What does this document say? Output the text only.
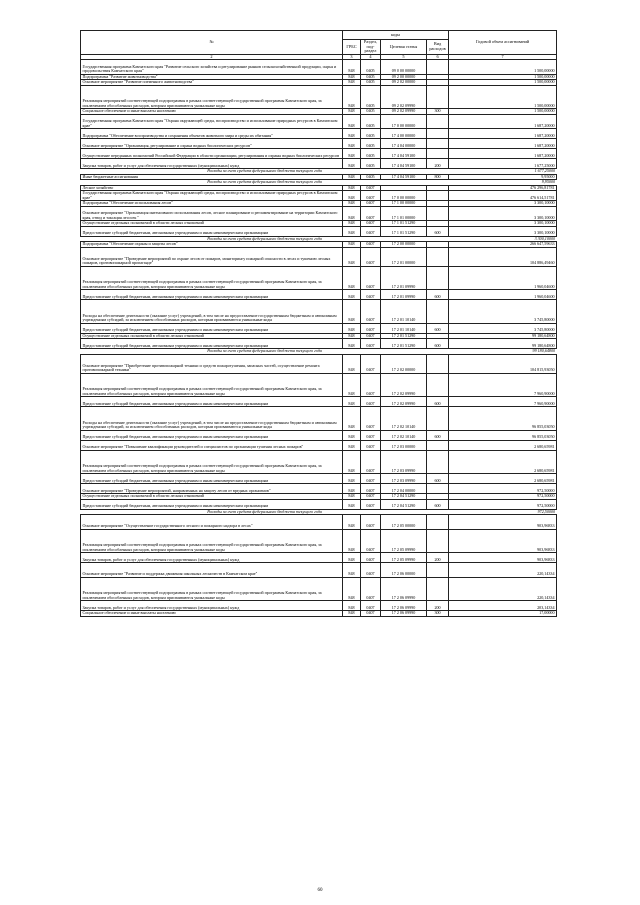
№	коды				Годовой объем ассигнований
	ГРБС	Раздел, под-раздел	Целевая статья	Вид расходов	
2	3	4	5	6	7
Государственная программа Камчатского края "Развитие сельского хозяйства и регулирование рынков сельскохозяйственной продукции, сырья и продовольствия Камчатского края"	848	0405	09 0 00 00000		1 500,00000
Подпрограмма "Развитие животноводства"	848	0405	09 2 00 00000		1 500,00000
Основное мероприятие "Развитие племенного животноводства"	848	0405	09 2 02 00000		1 500,00000
Реализация мероприятий соответствующей подпрограммы в рамках соответствующей государственной программы Камчатского края, за исключением обособленных расходов, которым присваиваются уникальные коды	848	0405	09 2 02 09990		1 500,00000
Социальное обеспечение и иные выплаты населению	848	0405	09 2 02 09990	300	1 500,00000
Государственная программа Камчатского края "Охрана окружающей среды, воспроизводство и использование природных ресурсов в Камчатском крае"	848	0405	17 0 00 00000		1 687,20000
Подпрограмма "Обеспечение воспроизводства и сохранения объектов животного мира и среды их обитания"	848	0405	17 4 00 00000		1 687,20000
Основное мероприятие "Организация, регулирование и охрана водных биологических ресурсов"	848	0405	17 4 04 00000		1 687,20000
Осуществление переданных полномочий Российской Федерации в области организации, регулирования и охраны водных биологических ресурсов	848	0405	17 4 04 59100		1 687,20000
Закупка товаров, работ и услуг для обеспечения государственных (муниципальных) нужд	848	0405	17 4 04 59100	200	1 677,25000
Расходы за счет средств федерального бюджета текущего года					1 677,25000
Иные бюджетные ассигнования	848	0405	17 4 04 59100	800	9,95000
Расходы за счет средств федерального бюджета текущего года					9,95000
Лесное хозяйство	848	0407			476 296,81781
Государственная программа Камчатского края "Охрана окружающей среды, воспроизводство и использование природных ресурсов в Камчатском крае"	848	0407	17 0 00 00000		476 614,51781
Подпрограмма "Обеспечение использования лесов"	848	0407	17 1 00 00000		3 300,10000
Основное мероприятие "Организация интенсивного использования лесов, лесное планирование и регламентирование на территории Камчатского края, отвод и таксация лесосек "	848	0407	17 1 01 00000		3 300,10000
Осуществление отдельных полномочий в области лесных отношений	848	0407	17 1 01 51290		3 300,10000
Предоставление субсидий бюджетным, автономным учреждениям и иным некоммерческим организациям	848	0407	17 1 01 51290	600	3 300,10000
Расходы за счет средств федерального бюджета текущего года					3 300,10000
Подпрограмма "Обеспечение охраны и защиты лесов"	848	0407	17 2 00 00000		266 647,59633
Основное мероприятие "Проведение мероприятий по охране лесов от пожаров, мониторингу пожарной опасности в лесах и тушению лесных пожаров, противопожарной пропаганде"	848	0407	17 2 01 00000		104 886,49460
Реализация мероприятий соответствующей подпрограммы в рамках соответствующей государственной программы Камчатского края, за исключением обособленных расходов, которым присваиваются уникальные коды	848	0407	17 2 01 09990		1 960,04600
Предоставление субсидий бюджетным, автономным учреждениям и иным некоммерческим организациям	848	0407	17 2 01 09990	600	1 960,04600
Расходы на обеспечение деятельности (оказание услуг) учреждений, в том числе на предоставление государственным бюджетным и автономным учреждениям субсидий, за исключением обособленных расходов, которым присваиваются уникальные коды	848	0407	17 2 01 10140		3 745,80000
Предоставление субсидий бюджетным, автономным учреждениям и иным некоммерческим организациям	848	0407	17 2 01 10140	600	3 745,80000
Осуществление отдельных полномочий в области лесных отношений	848	0407	17 2 01 51290		99 180,64800
Предоставление субсидий бюджетным, автономным учреждениям и иным некоммерческим организациям	848	0407	17 2 01 51290	600	99 180,64800
Расходы за счет средств федерального бюджета текущего года					99 180,64800
Основное мероприятие "Приобретение противопожарной техники и средств пожаротушения, запасных частей, осуществление ремонта противопожарной техники"	848	0407	17 2 02 00000		104 815,93050
Реализация мероприятий соответствующей подпрограммы в рамках соответствующей государственной программы Камчатского края, за исключением обособленных расходов, которым присваиваются уникальные коды	848	0407	17 2 02 09990		7 960,90000
Предоставление субсидий бюджетным, автономным учреждениям и иным некоммерческим организациям	848	0407	17 2 02 09990	600	7 960,90000
Расходы на обеспечение деятельности (оказание услуг) учреждений, в том числе на предоставление государственным бюджетным и автономным учреждениям субсидий, за исключением обособленных расходов, которым присваиваются уникальные коды	848	0407	17 2 02 10140		96 855,03050
Предоставление субсидий бюджетным, автономным учреждениям и иным некоммерческим организациям	848	0407	17 2 02 10140	600	96 855,03050
Основное мероприятие "Повышение квалификации руководителей и специалистов по организации тушения лесных пожаров"	848	0407	17 2 03 00000		2 680,65981
Реализация мероприятий соответствующей подпрограммы в рамках соответствующей государственной программы Камчатского края, за исключением обособленных расходов, которым присваиваются уникальные коды	848	0407	17 2 03 09990		2 680,65981
Предоставление субсидий бюджетным, автономным учреждениям и иным некоммерческим организациям	848	0407	17 2 03 09990	600	2 680,65981
Основное мероприятие "Проведение мероприятий, направленных на защиту лесов от вредных организмов"	848	0407	17 2 04 00000		972,50000
Осуществление отдельных полномочий в области лесных отношений	848	0407	17 2 04 51290		972,50000
Предоставление субсидий бюджетным, автономным учреждениям и иным некоммерческим организациям	848	0407	17 2 04 51290	600	972,50000
Расходы за счет средств федерального бюджета текущего года					972,50000
Основное мероприятие "Осуществление государственного лесного и пожарного надзора в лесах"	848	0407	17 2 05 00000		903,96833
Реализация мероприятий соответствующей подпрограммы в рамках соответствующей государственной программы Камчатского края, за исключением обособленных расходов, которым присваиваются уникальные коды	848	0407	17 2 05 09990		903,96833
Закупка товаров, работ и услуг для обеспечения государственных (муниципальных) нужд	848	0407	17 2 05 09990	200	903,96833
Основное мероприятие "Развитие и поддержка движения школьных лесничеств в Камчатском крае"	848	0407	17 2 06 00000		220,14334
Реализация мероприятий соответствующей подпрограммы в рамках соответствующей государственной программы Камчатского края, за исключением обособленных расходов, которым присваиваются уникальные коды	848	0407	17 2 06 09990		220,14334
Закупка товаров, работ и услуг для обеспечения государственных (муниципальных) нужд	848	0407	17 2 06 09990	200	203,14334
Социальное обеспечение и иные выплаты населению	848	0407	17 2 06 09990	300	17,00000
60
